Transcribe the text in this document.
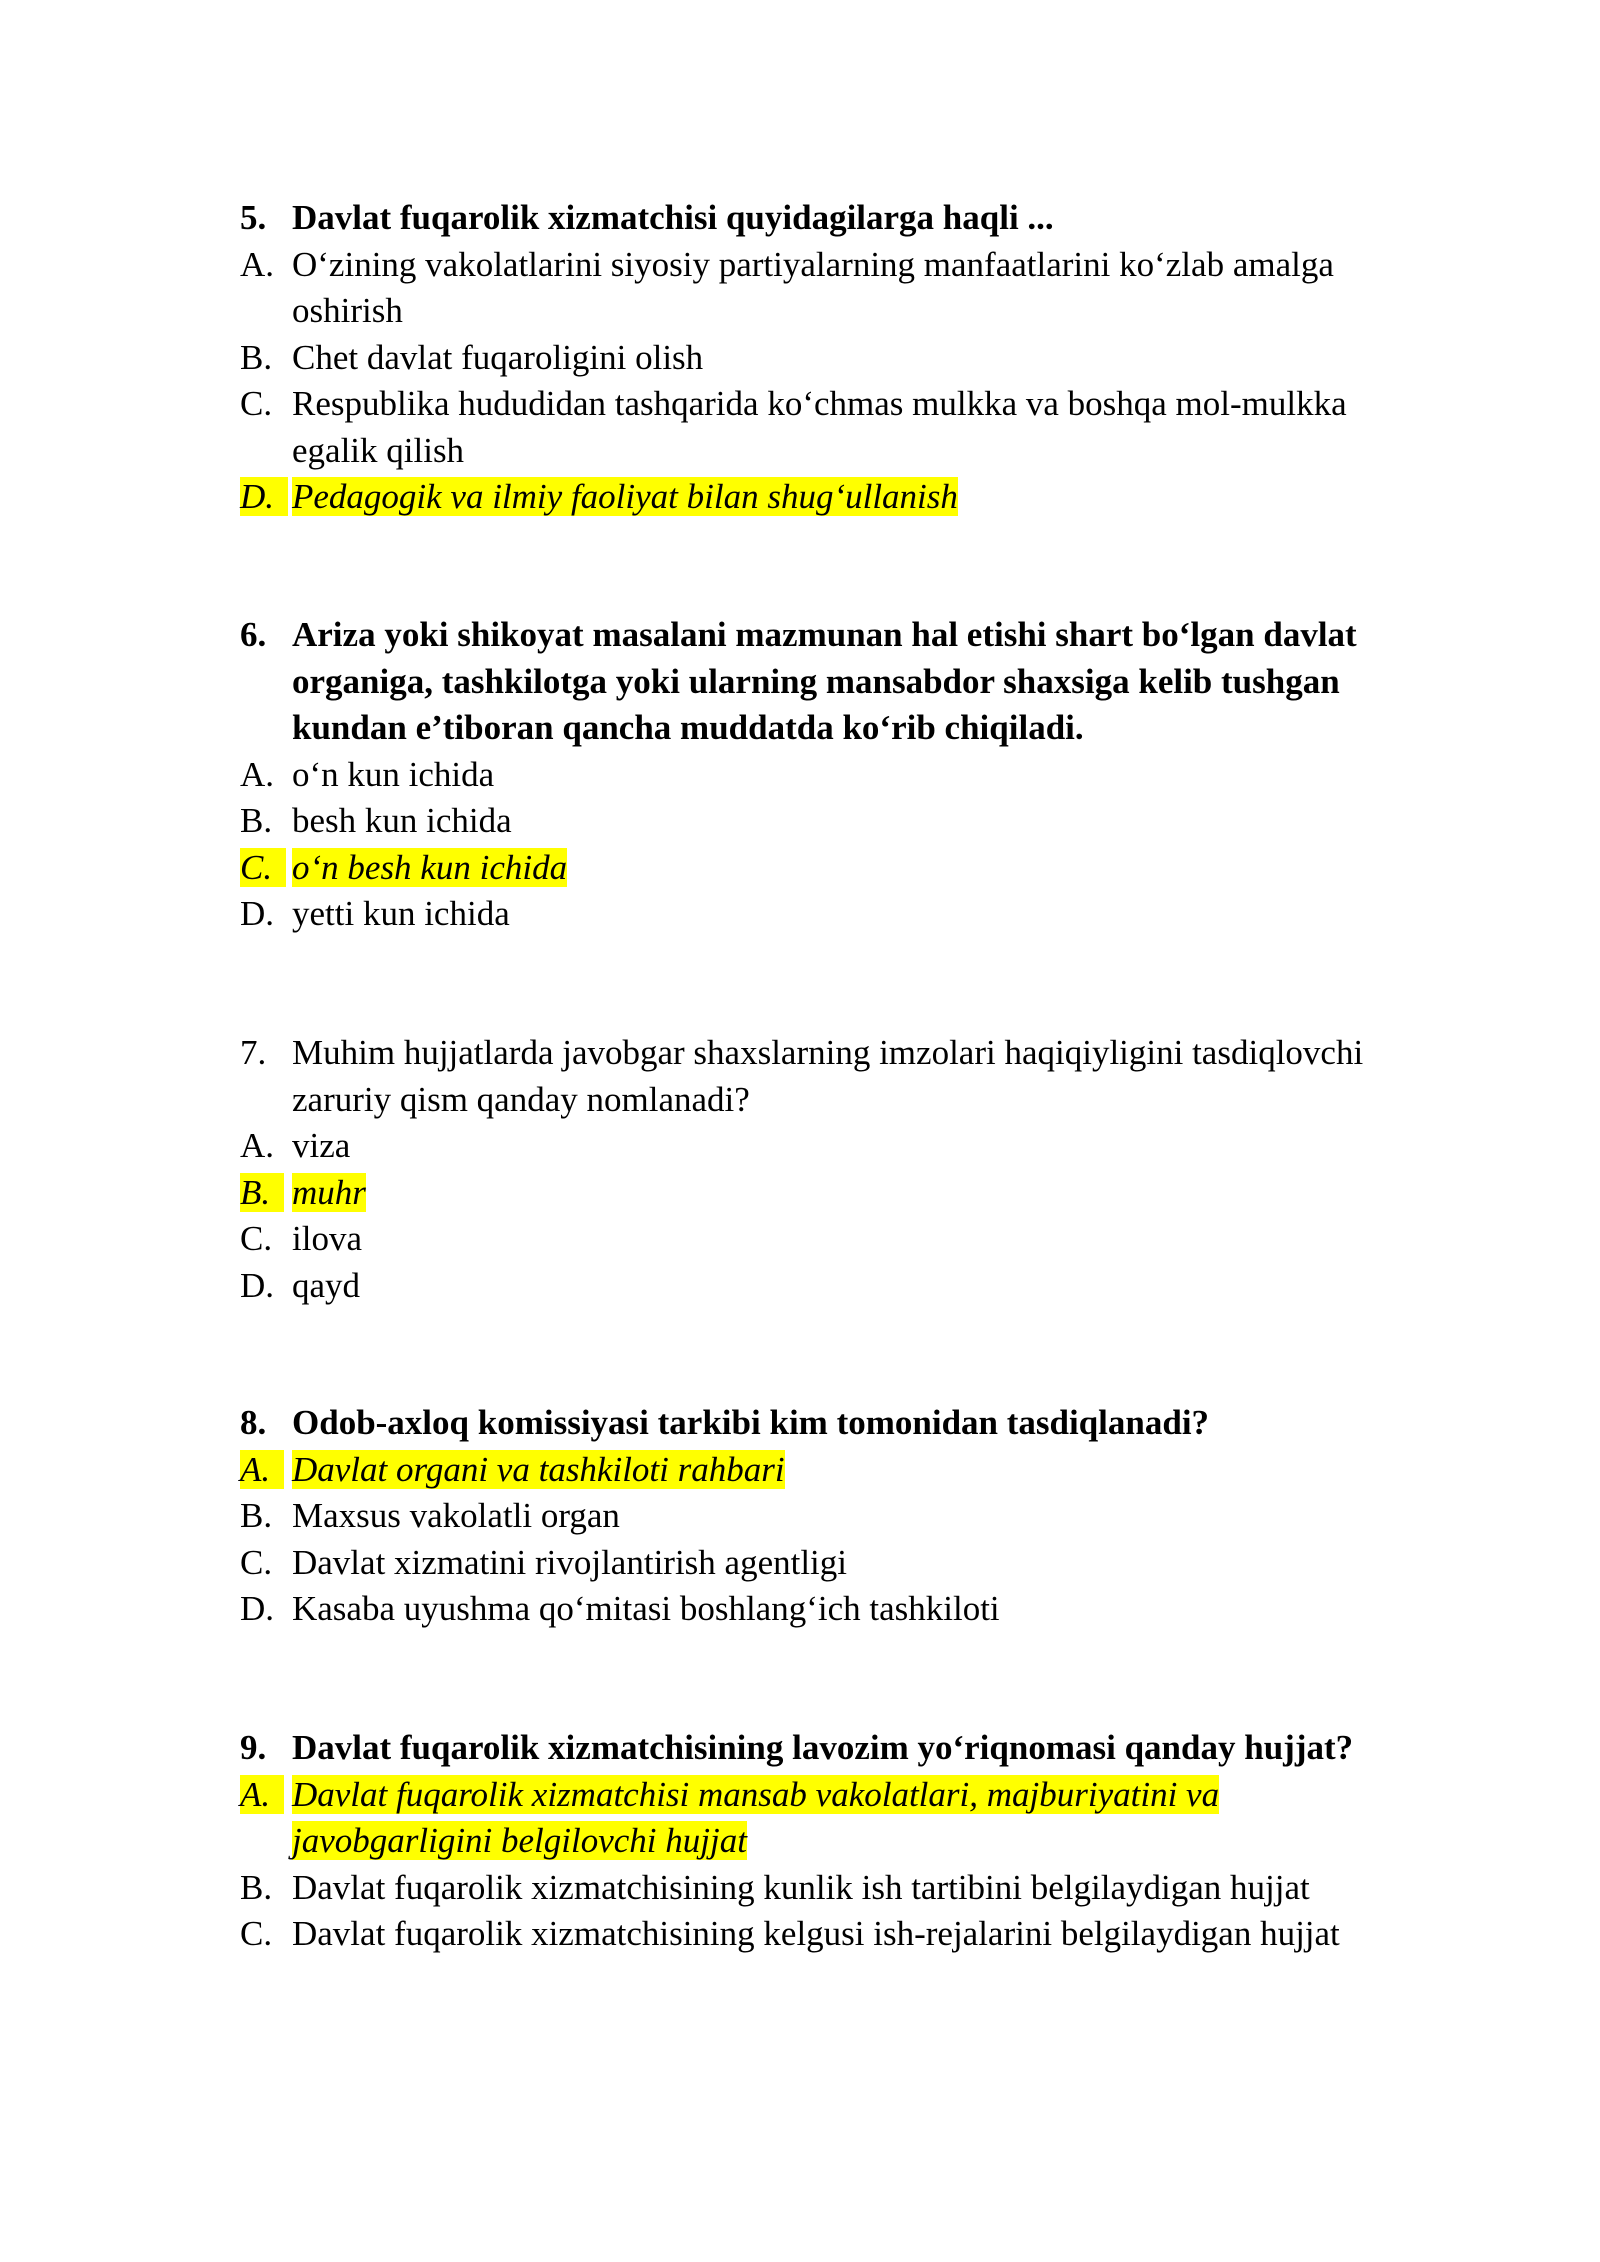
5. Davlat fuqarolik xizmatchisi quyidagilarga haqli ...
A. O‘zining vakolatlarini siyosiy partiyalarning manfaatlarini ko‘zlab amalga oshirish
B. Chet davlat fuqaroligini olish
C. Respublika hududidan tashqarida ko‘chmas mulkka va boshqa mol-mulkka egalik qilish
D. Pedagogik va ilmiy faoliyat bilan shug‘ullanish
6. Ariza yoki shikoyat masalani mazmunan hal etishi shart bo‘lgan davlat organiga, tashkilotga yoki ularning mansabdor shaxsiga kelib tushgan kundan e’tiboran qancha muddatda ko‘rib chiqiladi.
A. o‘n kun ichida
B. besh kun ichida
C. o‘n besh kun ichida
D. yetti kun ichida
7. Muhim hujjatlarda javobgar shaxslarning imzolari haqiqiyligini tasdiqlovchi zaruriy qism qanday nomlanadi?
A. viza
B. muhr
C. ilova
D. qayd
8. Odob-axloq komissiyasi tarkibi kim tomonidan tasdiqlanadi?
A. Davlat organi va tashkiloti rahbari
B. Maxsus vakolatli organ
C. Davlat xizmatini rivojlantirish agentligi
D. Kasaba uyushma qo‘mitasi boshlang‘ich tashkiloti
9. Davlat fuqarolik xizmatchisining lavozim yo‘riqnomasi qanday hujjat?
A. Davlat fuqarolik xizmatchisi mansab vakolatlari, majburiyatini va javobgarligini belgilovchi hujjat
B. Davlat fuqarolik xizmatchisining kunlik ish tartibini belgilaydigan hujjat
C. Davlat fuqarolik xizmatchisining kelgusi ish-rejalarini belgilaydigan hujjat
